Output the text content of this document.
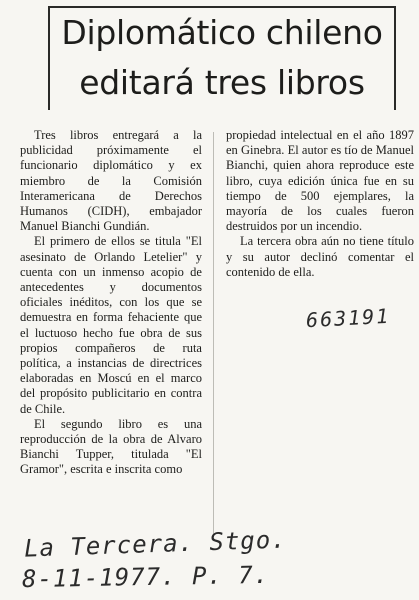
Diplomático chileno editará tres libros

Tres libros entregará a la publicidad próximamente el funcionario diplomático y ex miembro de la Comisión Interamericana de Derechos Humanos (CIDH), embajador Manuel Bianchi Gundián.

El primero de ellos se titula "El asesinato de Orlando Letelier" y cuenta con un inmenso acopio de antecedentes y documentos oficiales inéditos, con los que se demuestra en forma fehaciente que el luctuoso hecho fue obra de sus propios compañeros de ruta política, a instancias de directrices elaboradas en Moscú en el marco del propósito publicitario en contra de Chile.

El segundo libro es una reproducción de la obra de Alvaro Bianchi Tupper, titulada "El Gramor", escrita e inscrita como

propiedad intelectual en el año 1897 en Ginebra. El autor es tío de Manuel Bianchi, quien ahora reproduce este libro, cuya edición única fue en su tiempo de 500 ejemplares, la mayoría de los cuales fueron destruidos por un incendio.

La tercera obra aún no tiene título y su autor declinó comentar el contenido de ella.

663191
La Tercera. Stgo.
8-11-1977. P. 7.
